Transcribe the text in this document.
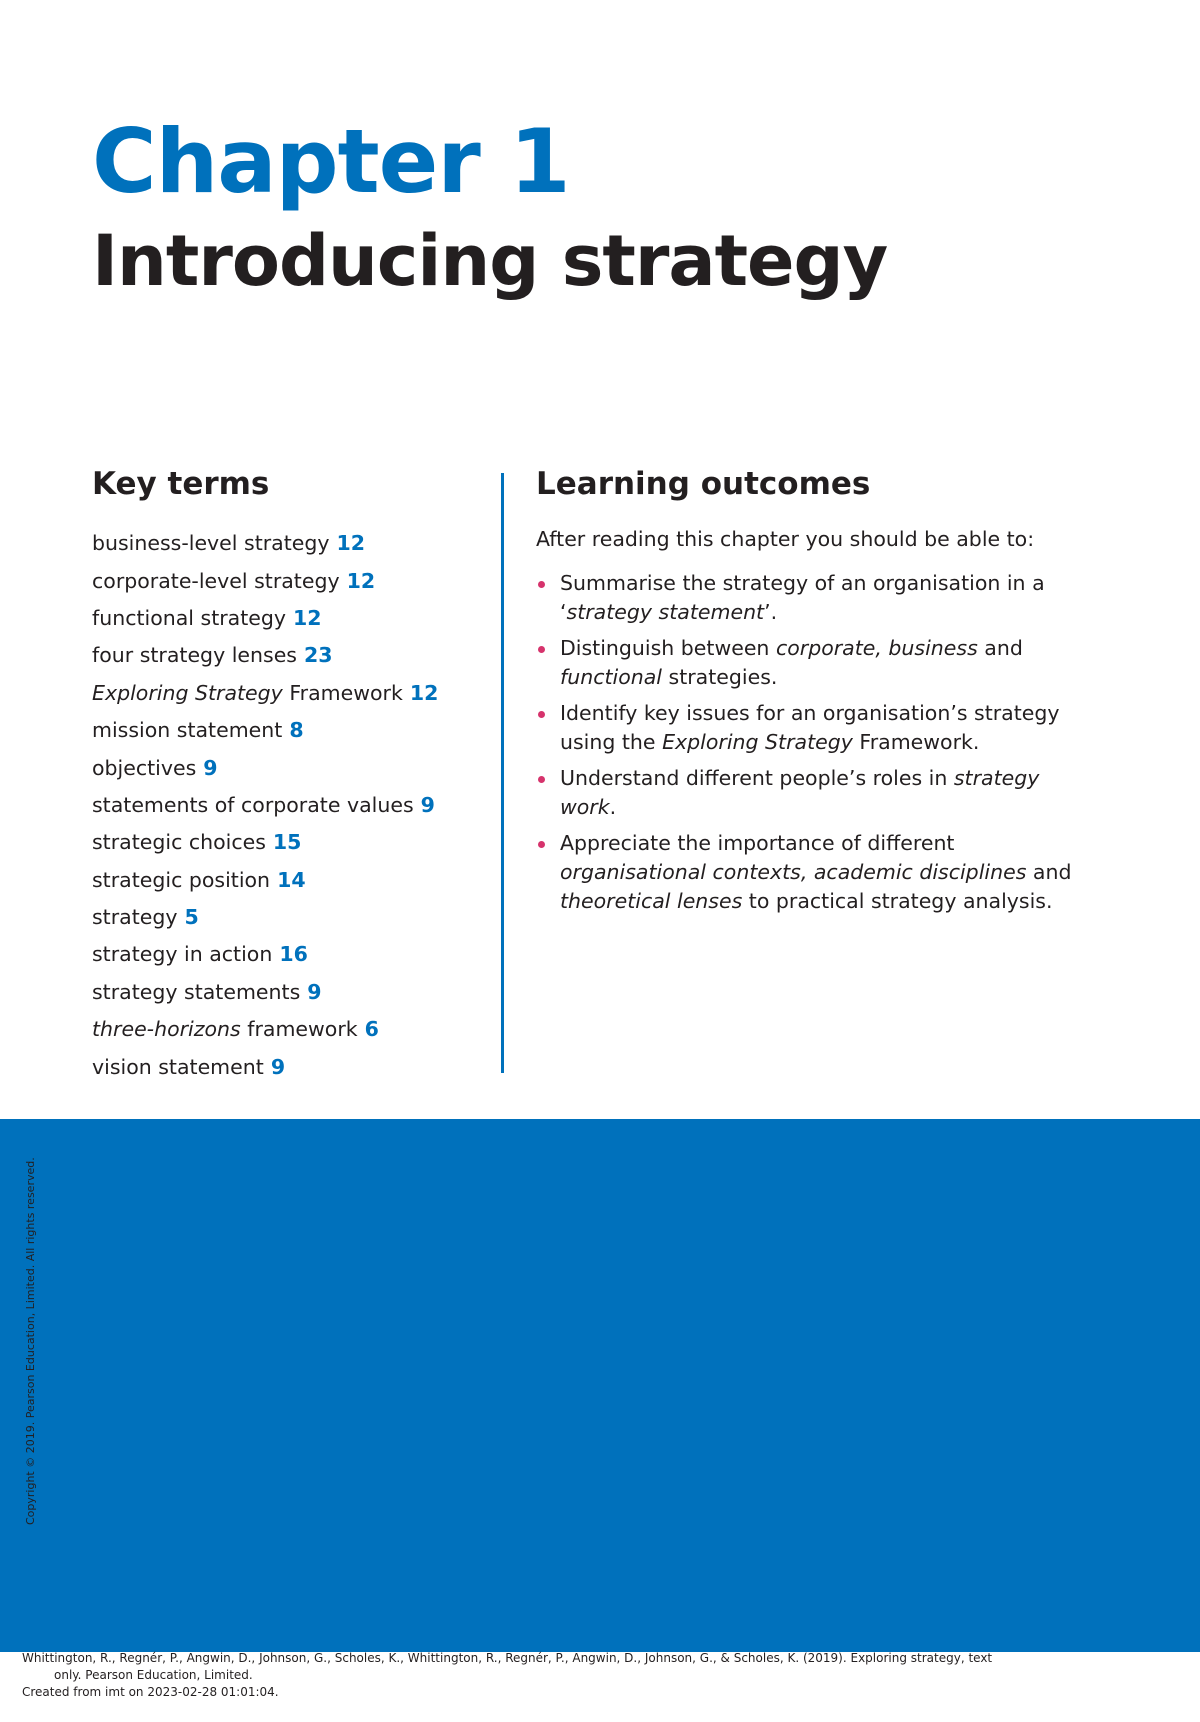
Chapter 1
Introducing strategy
Key terms
business-level strategy 12
corporate-level strategy 12
functional strategy 12
four strategy lenses 23
Exploring Strategy Framework 12
mission statement 8
objectives 9
statements of corporate values 9
strategic choices 15
strategic position 14
strategy 5
strategy in action 16
strategy statements 9
three-horizons framework 6
vision statement 9
Learning outcomes

After reading this chapter you should be able to:

Summarise the strategy of an organisation in a ‘strategy statement’.
Distinguish between corporate, business and functional strategies.
Identify key issues for an organisation’s strategy using the Exploring Strategy Framework.
Understand different people’s roles in strategy work.
Appreciate the importance of different organisational contexts, academic disciplines and theoretical lenses to practical strategy analysis.

Copyright © 2019. Pearson Education, Limited. All rights reserved.

Whittington, R., Regnér, P., Angwin, D., Johnson, G., Scholes, K., Whittington, R., Regnér, P., Angwin, D., Johnson, G., & Scholes, K. (2019). Exploring strategy, text

only. Pearson Education, Limited.

Created from imt on 2023-02-28 01:01:04.
